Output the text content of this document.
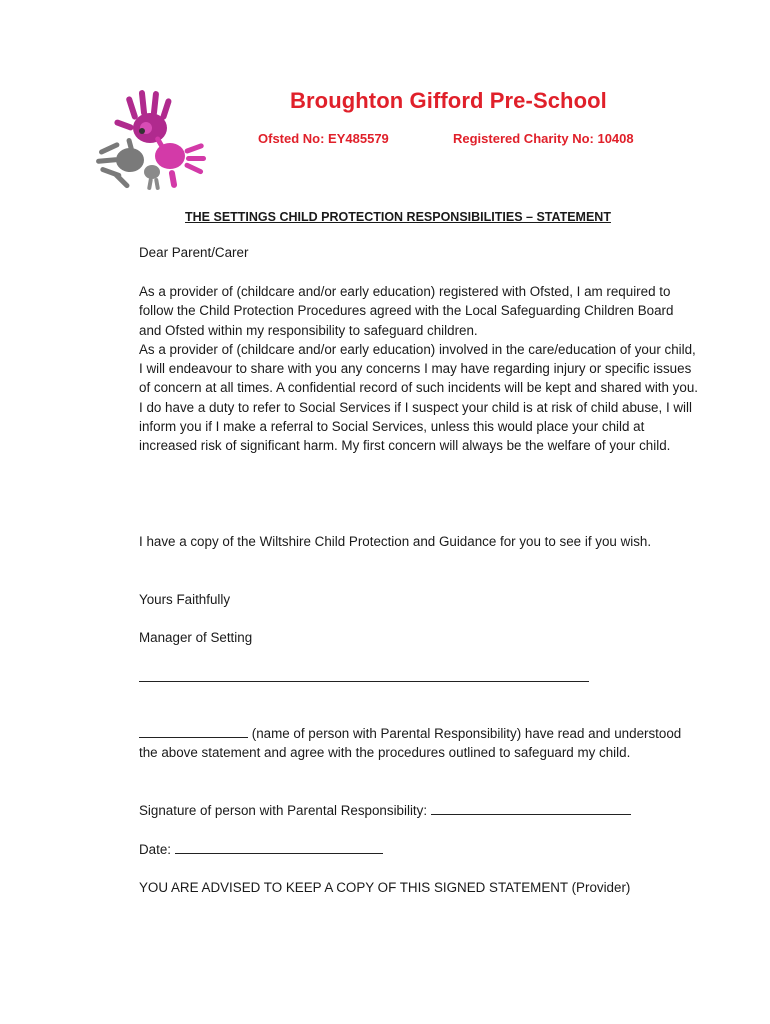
Broughton Gifford Pre-School
Ofsted No: EY485579	Registered Charity No: 10408
THE SETTINGS CHILD PROTECTION RESPONSIBILITIES – STATEMENT
Dear Parent/Carer

As a provider of (childcare and/or early education) registered with Ofsted, I am required to follow the Child Protection Procedures agreed with the Local Safeguarding Children Board and Ofsted within my responsibility to safeguard children.

As a provider of (childcare and/or early education) involved in the care/education of your child, I will endeavour to share with you any concerns I may have regarding injury or specific issues of concern at all times. A confidential record of such incidents will be kept and shared with you.

I do have a duty to refer to Social Services if I suspect your child is at risk of child abuse, I will inform you if I make a referral to Social Services, unless this would place your child at increased risk of significant harm. My first concern will always be the welfare of your child.

I have a copy of the Wiltshire Child Protection and Guidance for you to see if you wish.
Yours Faithfully
Manager of Setting
(name of person with Parental Responsibility) have read and understood the above statement and agree with the procedures outlined to safeguard my child.
Signature of person with Parental Responsibility:
Date:
YOU ARE ADVISED TO KEEP A COPY OF THIS SIGNED STATEMENT (Provider)
